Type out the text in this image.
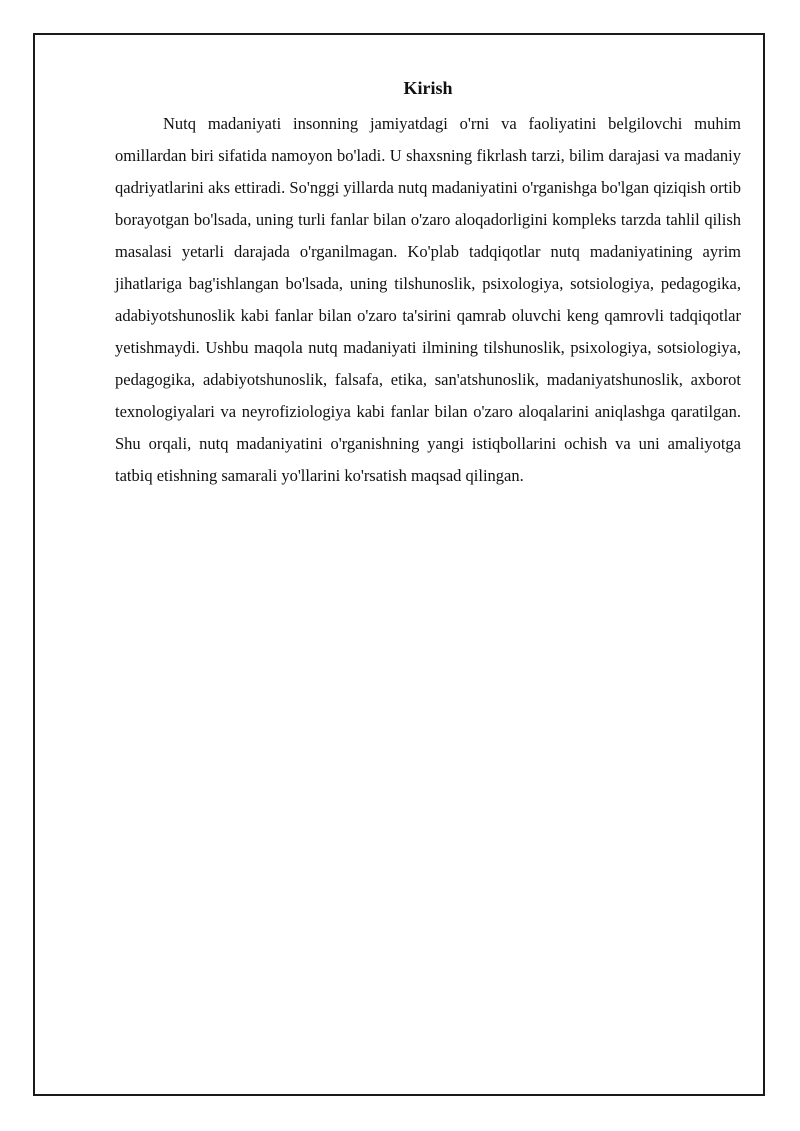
Kirish

Nutq madaniyati insonning jamiyatdagi o'rni va faoliyatini belgilovchi muhim omillardan biri sifatida namoyon bo'ladi. U shaxsning fikrlash tarzi, bilim darajasi va madaniy qadriyatlarini aks ettiradi. So'nggi yillarda nutq madaniyatini o'rganishga bo'lgan qiziqish ortib borayotgan bo'lsada, uning turli fanlar bilan o'zaro aloqadorligini kompleks tarzda tahlil qilish masalasi yetarli darajada o'rganilmagan. Ko'plab tadqiqotlar nutq madaniyatining ayrim jihatlariga bag'ishlangan bo'lsada, uning tilshunoslik, psixologiya, sotsiologiya, pedagogika, adabiyotshunoslik kabi fanlar bilan o'zaro ta'sirini qamrab oluvchi keng qamrovli tadqiqotlar yetishmaydi. Ushbu maqola nutq madaniyati ilmining tilshunoslik, psixologiya, sotsiologiya, pedagogika, adabiyotshunoslik, falsafa, etika, san'atshunoslik, madaniyatshunoslik, axborot texnologiyalari va neyrofiziologiya kabi fanlar bilan o'zaro aloqalarini aniqlashga qaratilgan. Shu orqali, nutq madaniyatini o'rganishning yangi istiqbollarini ochish va uni amaliyotga tatbiq etishning samarali yo'llarini ko'rsatish maqsad qilingan.
